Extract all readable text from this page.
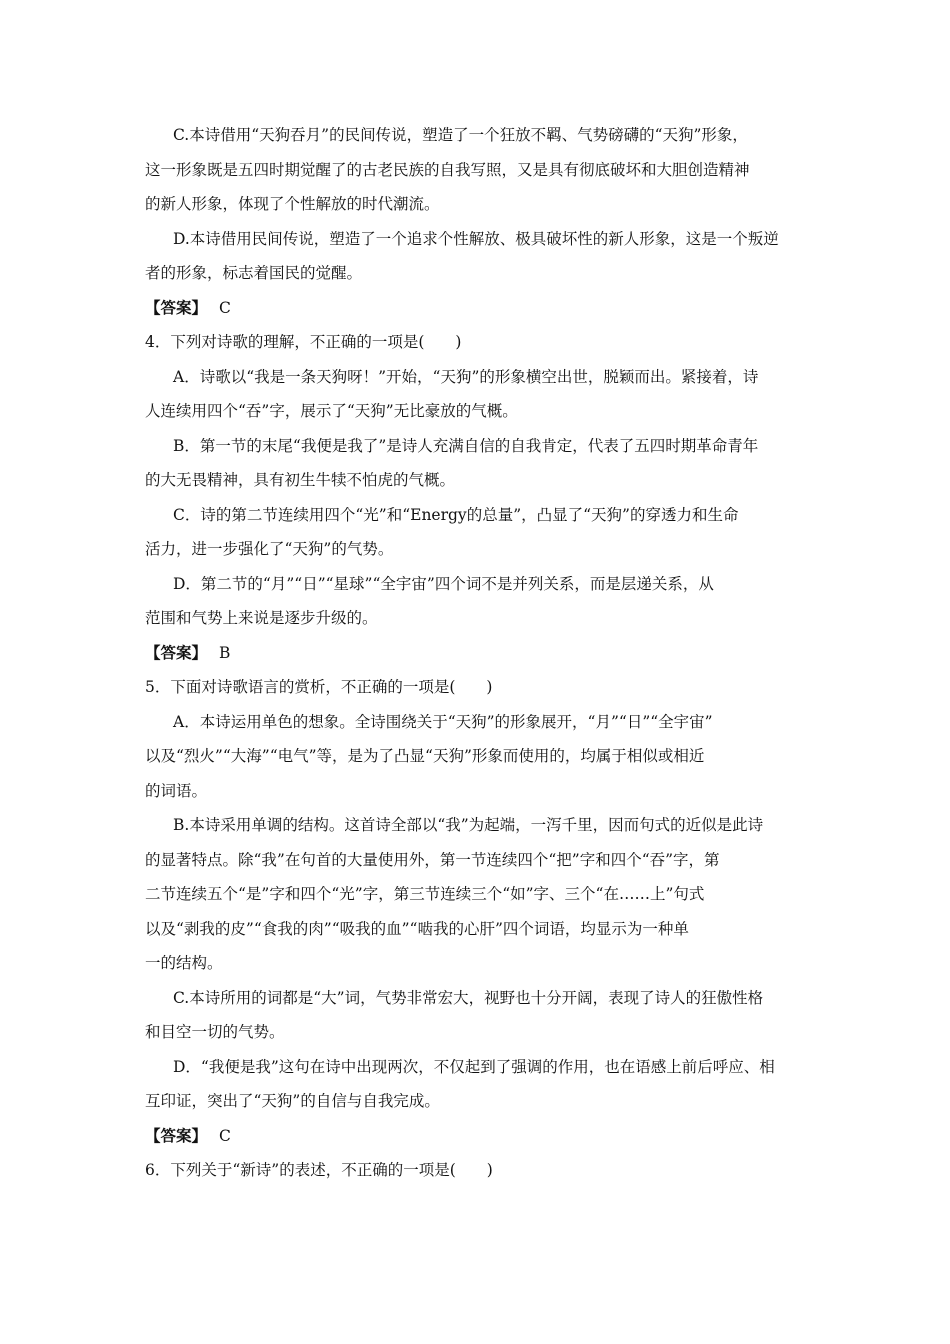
C.本诗借用“天狗吞月”的民间传说，塑造了一个狂放不羁、气势磅礴的“天狗”形象，
这一形象既是五四时期觉醒了的古老民族的自我写照，又是具有彻底破坏和大胆创造精神
的新人形象，体现了个性解放的时代潮流。
D.本诗借用民间传说，塑造了一个追求个性解放、极具破坏性的新人形象，这是一个叛逆
者的形象，标志着国民的觉醒。
【答案】 C
4．下列对诗歌的理解，不正确的一项是(　　)
A．诗歌以“我是一条天狗呀！”开始，“天狗”的形象横空出世，脱颖而出。紧接着，诗
人连续用四个“吞”字，展示了“天狗”无比豪放的气概。
B．第一节的末尾“我便是我了”是诗人充满自信的自我肯定，代表了五四时期革命青年
的大无畏精神，具有初生牛犊不怕虎的气概。
C．诗的第二节连续用四个“光”和“Energy的总量”，凸显了“天狗”的穿透力和生命
活力，进一步强化了“天狗”的气势。
D．第二节的“月”“日”“星球”“全宇宙”四个词不是并列关系，而是层递关系，从
范围和气势上来说是逐步升级的。
【答案】 B
5．下面对诗歌语言的赏析，不正确的一项是(　　)
A．本诗运用单色的想象。全诗围绕关于“天狗”的形象展开，“月”“日”“全宇宙”
以及“烈火”“大海”“电气”等，是为了凸显“天狗”形象而使用的，均属于相似或相近
的词语。
B.本诗采用单调的结构。这首诗全部以“我”为起端，一泻千里，因而句式的近似是此诗
的显著特点。除“我”在句首的大量使用外，第一节连续四个“把”字和四个“吞”字，第
二节连续五个“是”字和四个“光”字，第三节连续三个“如”字、三个“在……上”句式
以及“剥我的皮”“食我的肉”“吸我的血”“啮我的心肝”四个词语，均显示为一种单
一的结构。
C.本诗所用的词都是“大”词，气势非常宏大，视野也十分开阔，表现了诗人的狂傲性格
和目空一切的气势。
D．“我便是我”这句在诗中出现两次，不仅起到了强调的作用，也在语感上前后呼应、相
互印证，突出了“天狗”的自信与自我完成。
【答案】 C
6．下列关于“新诗”的表述，不正确的一项是(　　)
